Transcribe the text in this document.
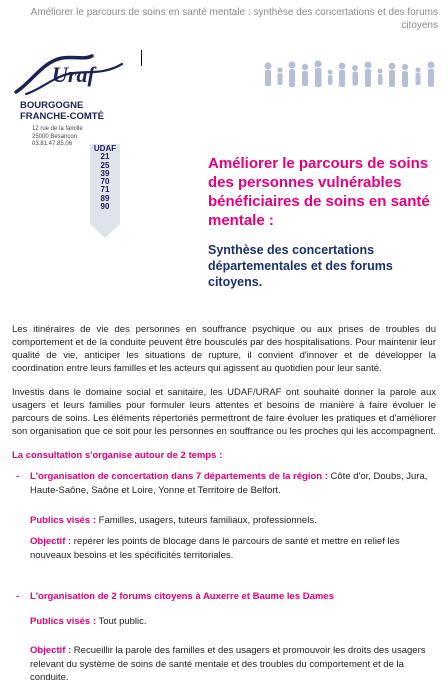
Améliorer le parcours de soins en santé mentale : synthèse des concertations et des forums citoyens
Uraf
BOURGOGNE
FRANCHE-COMTÉ
12 rue de la famille
25000 Besançon
03.81.47.85.06	UDAF
21
25
39
70
71
89
90
Améliorer le parcours de soins des personnes vulnérables bénéficiaires de soins en santé mentale :
Synthèse des concertations départementales et des forums citoyens.
Les itinéraires de vie des personnes en souffrance psychique ou aux prises de troubles du comportement et de la conduite peuvent être bousculés par des hospitalisations. Pour maintenir leur qualité de vie, anticiper les situations de rupture, il convient d'innover et de développer la coordination entre leurs familles et les acteurs qui agissent au quotidien pour leur santé.
Investis dans le domaine social et sanitaire, les UDAF/URAF ont souhaité donner la parole aux usagers et leurs familles pour formuler leurs attentes et besoins de manière à faire évoluer le parcours de soins. Les éléments répertoriés permettront de faire évoluer les pratiques et d'améliorer son organisation que ce soit pour les personnes en souffrance ou les proches qui les accompagnent.
La consultation s'organise autour de 2 temps :
- L'organisation de concertation dans 7 départements de la région : Côte d'or, Doubs, Jura, Haute-Saône, Saône et Loire, Yonne et Territoire de Belfort.
Publics visés : Familles, usagers, tuteurs familiaux, professionnels.
Objectif : repérer les points de blocage dans le parcours de santé et mettre en relief les nouveaux besoins et les spécificités territoriales.
- L'organisation de 2 forums citoyens à Auxerre et Baume les Dames
Publics visés : Tout public.
Objectif : Recueillir la parole des familles et des usagers et promouvoir les droits des usagers relevant du système de soins de santé mentale et des troubles du comportement et de la conduite.
